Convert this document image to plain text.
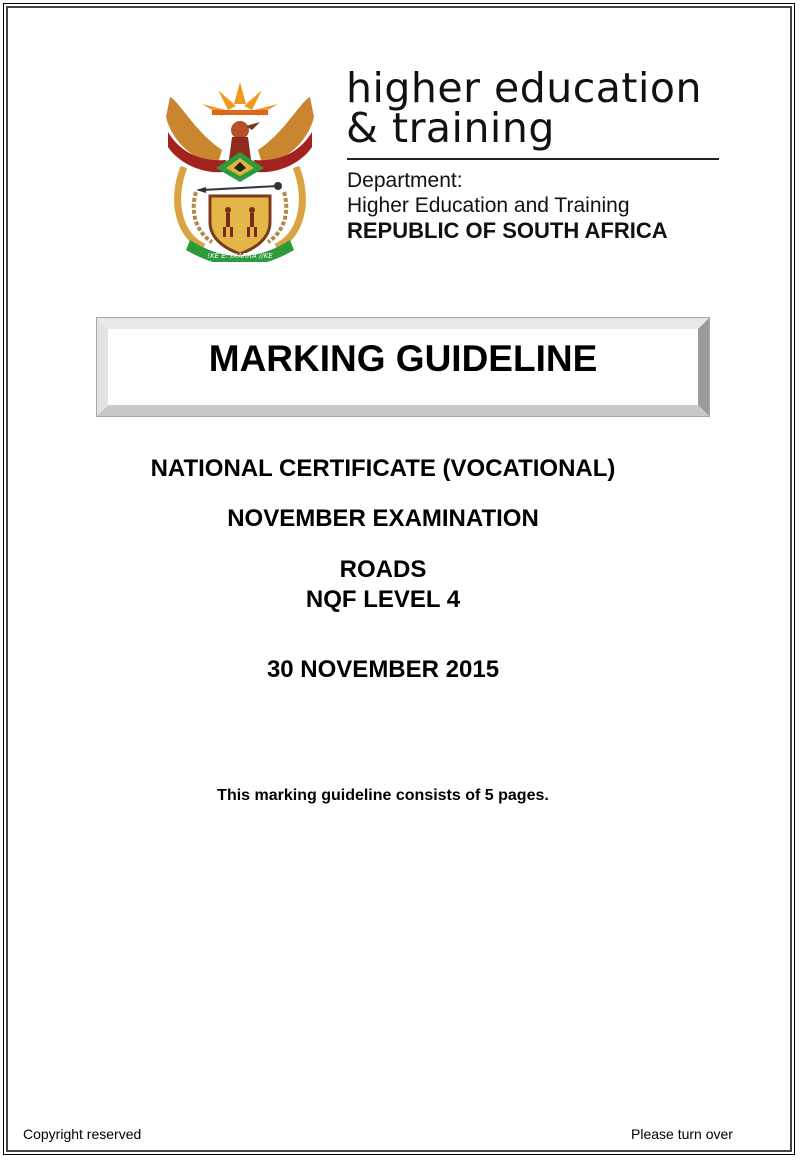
!KE E: /XARRA //KE
higher education
& training
Department:
Higher Education and Training
REPUBLIC OF SOUTH AFRICA
MARKING GUIDELINE
NATIONAL CERTIFICATE (VOCATIONAL)
NOVEMBER EXAMINATION
ROADS
NQF LEVEL 4
30 NOVEMBER 2015
This marking guideline consists of 5 pages.
Copyright reserved	Please turn over
